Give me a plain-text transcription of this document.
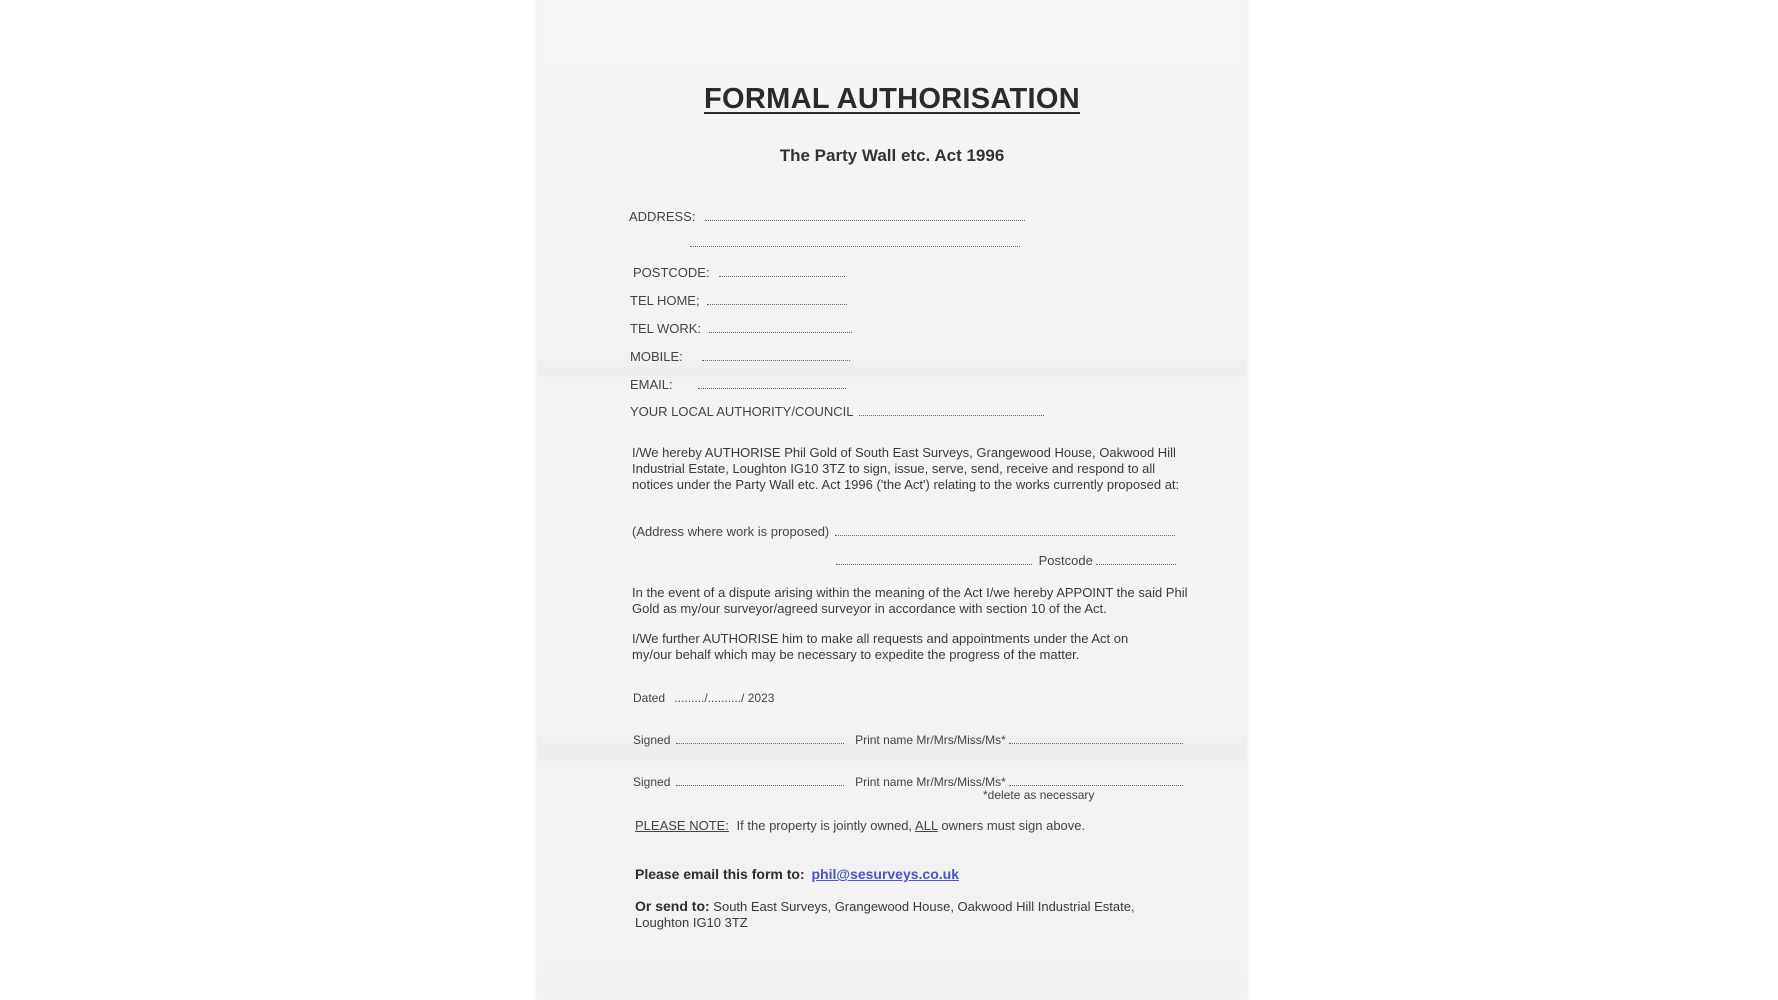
FORMAL AUTHORISATION
The Party Wall etc. Act 1996
ADDRESS:
POSTCODE:
TEL HOME;
TEL WORK:
MOBILE:
EMAIL:
YOUR LOCAL AUTHORITY/COUNCIL
I/We hereby AUTHORISE Phil Gold of South East Surveys, Grangewood House, Oakwood Hill Industrial Estate, Loughton IG10 3TZ to sign, issue, serve, send, receive and respond to all notices under the Party Wall etc. Act 1996 ('the Act') relating to the works currently proposed at:
(Address where work is proposed)
Postcode
In the event of a dispute arising within the meaning of the Act I/we hereby APPOINT the said Phil Gold as my/our surveyor/agreed surveyor in accordance with section 10 of the Act.
I/We further AUTHORISE him to make all requests and appointments under the Act on my/our behalf which may be necessary to expedite the progress of the matter.
Dated ........./........../ 2023
Signed	Print name Mr/Mrs/Miss/Ms*
Signed	Print name Mr/Mrs/Miss/Ms*
*delete as necessary
PLEASE NOTE: If the property is jointly owned, ALL owners must sign above.
Please email this form to: phil@sesurveys.co.uk
Or send to: South East Surveys, Grangewood House, Oakwood Hill Industrial Estate, Loughton IG10 3TZ
